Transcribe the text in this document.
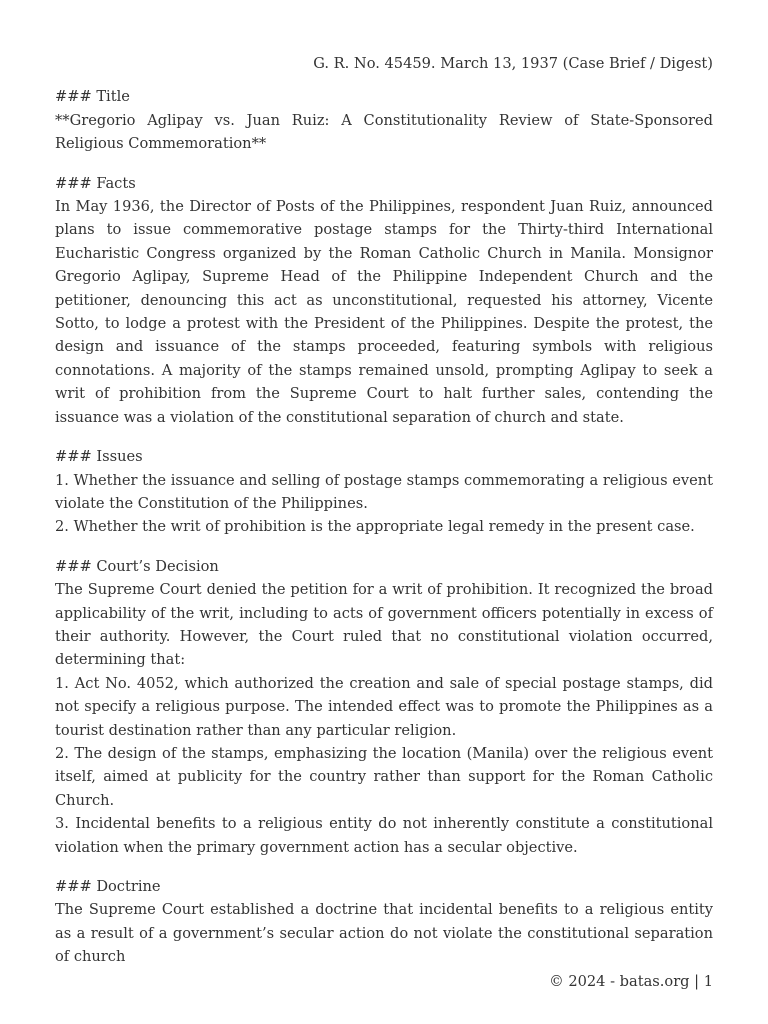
G. R. No. 45459. March 13, 1937 (Case Brief / Digest)
### Title

**Gregorio Aglipay vs. Juan Ruiz: A Constitutionality Review of State-Sponsored Religious Commemoration**

### Facts

In May 1936, the Director of Posts of the Philippines, respondent Juan Ruiz, announced plans to issue commemorative postage stamps for the Thirty-third International Eucharistic Congress organized by the Roman Catholic Church in Manila. Monsignor Gregorio Aglipay, Supreme Head of the Philippine Independent Church and the petitioner, denouncing this act as unconstitutional, requested his attorney, Vicente Sotto, to lodge a protest with the President of the Philippines. Despite the protest, the design and issuance of the stamps proceeded, featuring symbols with religious connotations. A majority of the stamps remained unsold, prompting Aglipay to seek a writ of prohibition from the Supreme Court to halt further sales, contending the issuance was a violation of the constitutional separation of church and state.

### Issues

1. Whether the issuance and selling of postage stamps commemorating a religious event violate the Constitution of the Philippines.

2. Whether the writ of prohibition is the appropriate legal remedy in the present case.

### Court’s Decision

The Supreme Court denied the petition for a writ of prohibition. It recognized the broad applicability of the writ, including to acts of government officers potentially in excess of their authority. However, the Court ruled that no constitutional violation occurred, determining that:

1. Act No. 4052, which authorized the creation and sale of special postage stamps, did not specify a religious purpose. The intended effect was to promote the Philippines as a tourist destination rather than any particular religion.

2. The design of the stamps, emphasizing the location (Manila) over the religious event itself, aimed at publicity for the country rather than support for the Roman Catholic Church.

3. Incidental benefits to a religious entity do not inherently constitute a constitutional violation when the primary government action has a secular objective.

### Doctrine

The Supreme Court established a doctrine that incidental benefits to a religious entity as a result of a government’s secular action do not violate the constitutional separation of church

© 2024 - batas.org | 1
